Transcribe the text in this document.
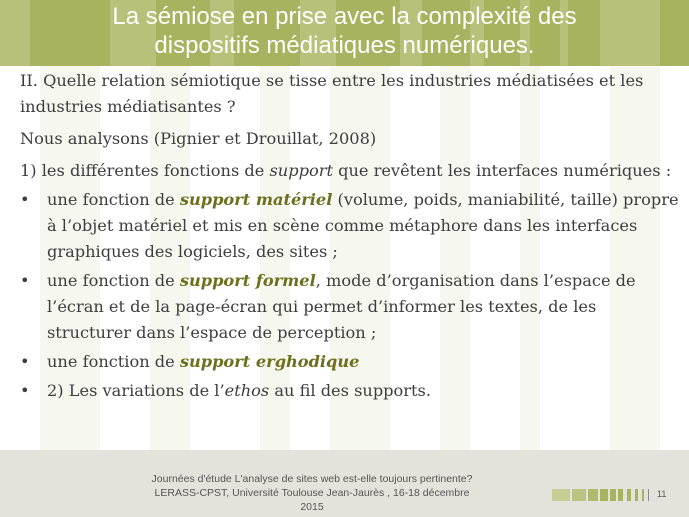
La sémiose en prise avec la complexité des
dispositifs médiatiques numériques.

II. Quelle relation sémiotique se tisse entre les industries médiatisées et les industries médiatisantes ?

Nous analysons (Pignier et Drouillat, 2008)

1) les différentes fonctions de support que revêtent les interfaces numériques :

• une fonction de support matériel (volume, poids, maniabilité, taille) propre à l’objet matériel et mis en scène comme métaphore dans les interfaces graphiques des logiciels, des sites ;
• une fonction de support formel, mode d’organisation dans l’espace de l’écran et de la page-écran qui permet d’informer les textes, de les structurer dans l’espace de perception ;
• une fonction de support erghodique
• 2) Les variations de l’ethos au fil des supports.
Journées d'étude L'analyse de sites web est-elle toujours pertinente?
LERASS-CPST, Université Toulouse Jean-Jaurès , 16-18 décembre
2015
11
